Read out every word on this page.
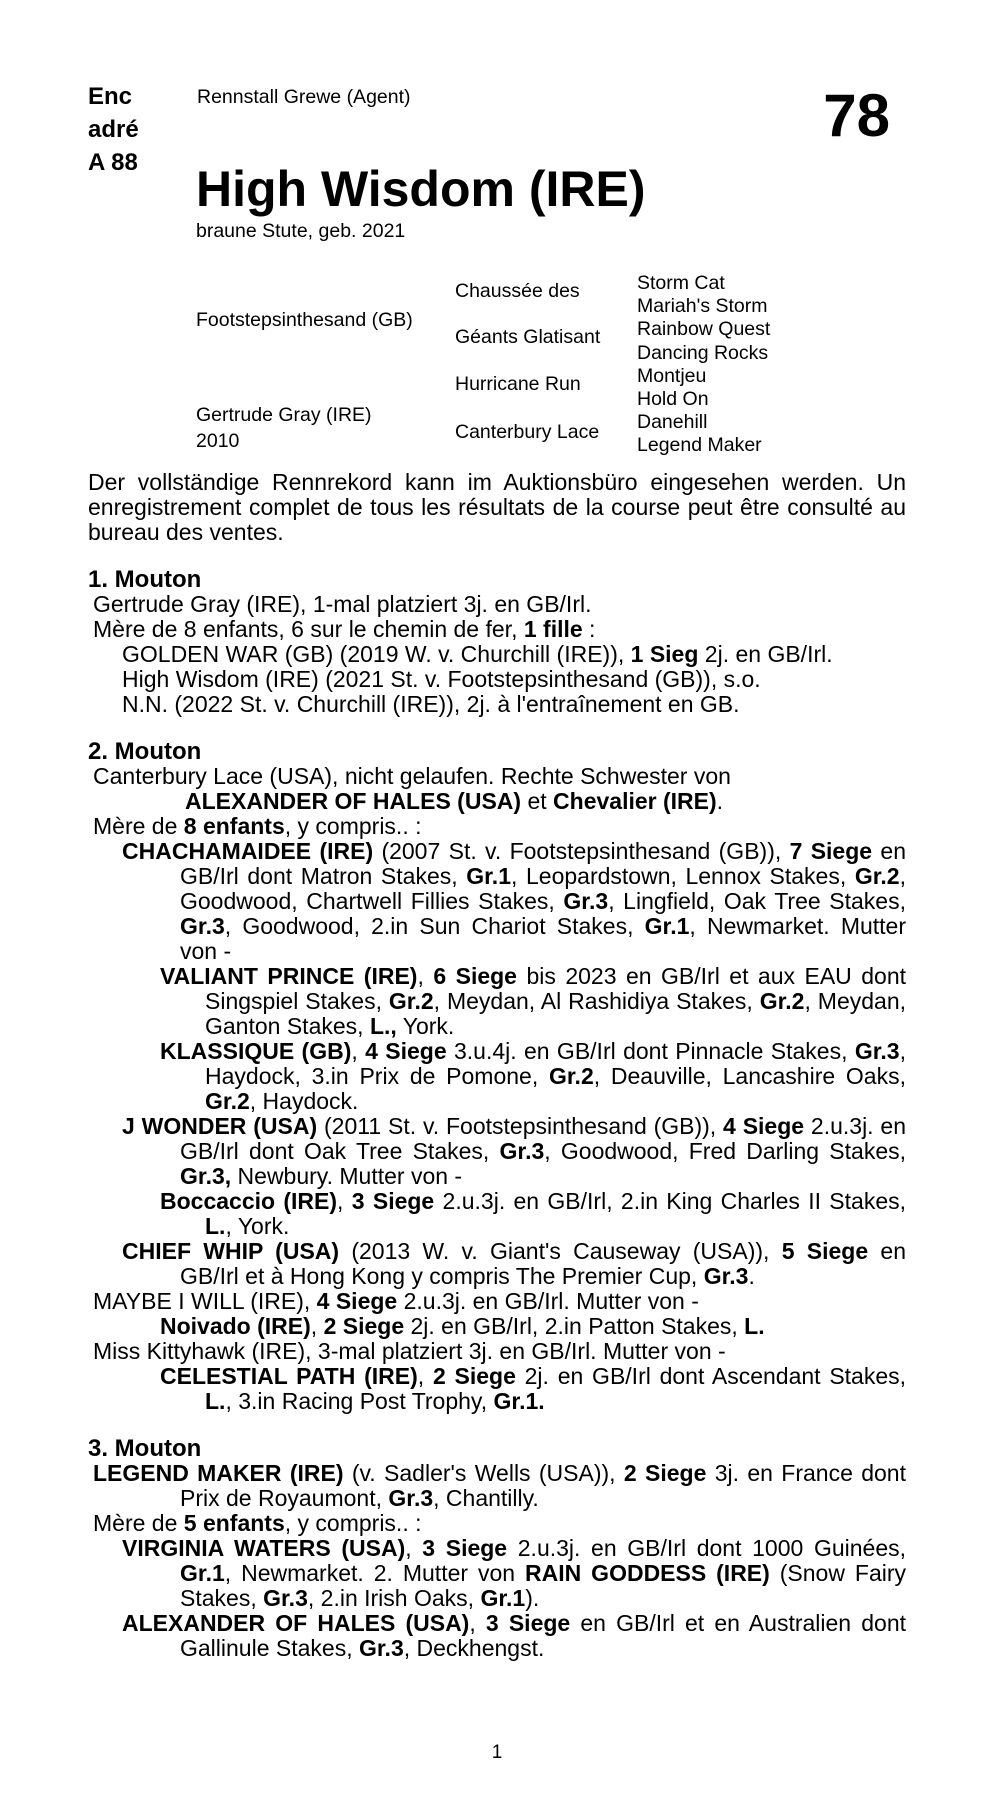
Enc
adré
A 88
Rennstall Grewe (Agent)	78
High Wisdom (IRE)
braune Stute, geb. 2021
Footstepsinthesand (GB)
Gertrude Gray (IRE)
2010
Chaussée des
Géants Glatisant
Hurricane Run
Canterbury Lace
Storm Cat
Mariah's Storm
Rainbow Quest
Dancing Rocks
Montjeu
Hold On
Danehill
Legend Maker

Der vollständige Rennrekord kann im Auktionsbüro eingesehen werden. Un enregistrement complet de tous les résultats de la course peut être consulté au bureau des ventes.

1. Mouton

Gertrude Gray (IRE), 1-mal platziert 3j. en GB/Irl.

Mère de 8 enfants, 6 sur le chemin de fer, 1 fille :

GOLDEN WAR (GB) (2019 W. v. Churchill (IRE)), 1 Sieg 2j. en GB/Irl.

High Wisdom (IRE) (2021 St. v. Footstepsinthesand (GB)), s.o.

N.N. (2022 St. v. Churchill (IRE)), 2j. à l'entraînement en GB.

2. Mouton

Canterbury Lace (USA), nicht gelaufen. Rechte Schwester von

ALEXANDER OF HALES (USA) et Chevalier (IRE).

Mère de 8 enfants, y compris.. :

CHACHAMAIDEE (IRE) (2007 St. v. Footstepsinthesand (GB)), 7 Siege en GB/Irl dont Matron Stakes, Gr.1, Leopardstown, Lennox Stakes, Gr.2, Goodwood, Chartwell Fillies Stakes, Gr.3, Lingfield, Oak Tree Stakes, Gr.3, Goodwood, 2.in Sun Chariot Stakes, Gr.1, Newmarket. Mutter von -

VALIANT PRINCE (IRE), 6 Siege bis 2023 en GB/Irl et aux EAU dont Singspiel Stakes, Gr.2, Meydan, Al Rashidiya Stakes, Gr.2, Meydan, Ganton Stakes, L., York.

KLASSIQUE (GB), 4 Siege 3.u.4j. en GB/Irl dont Pinnacle Stakes, Gr.3, Haydock, 3.in Prix de Pomone, Gr.2, Deauville, Lancashire Oaks, Gr.2, Haydock.

J WONDER (USA) (2011 St. v. Footstepsinthesand (GB)), 4 Siege 2.u.3j. en GB/Irl dont Oak Tree Stakes, Gr.3, Goodwood, Fred Darling Stakes, Gr.3, Newbury. Mutter von -

Boccaccio (IRE), 3 Siege 2.u.3j. en GB/Irl, 2.in King Charles II Stakes, L., York.

CHIEF WHIP (USA) (2013 W. v. Giant's Causeway (USA)), 5 Siege en GB/Irl et à Hong Kong y compris The Premier Cup, Gr.3.

MAYBE I WILL (IRE), 4 Siege 2.u.3j. en GB/Irl. Mutter von -

Noivado (IRE), 2 Siege 2j. en GB/Irl, 2.in Patton Stakes, L.

Miss Kittyhawk (IRE), 3-mal platziert 3j. en GB/Irl. Mutter von -

CELESTIAL PATH (IRE), 2 Siege 2j. en GB/Irl dont Ascendant Stakes, L., 3.in Racing Post Trophy, Gr.1.

3. Mouton

LEGEND MAKER (IRE) (v. Sadler's Wells (USA)), 2 Siege 3j. en France dont Prix de Royaumont, Gr.3, Chantilly.

Mère de 5 enfants, y compris.. :

VIRGINIA WATERS (USA), 3 Siege 2.u.3j. en GB/Irl dont 1000 Guinées, Gr.1, Newmarket. 2. Mutter von RAIN GODDESS (IRE) (Snow Fairy Stakes, Gr.3, 2.in Irish Oaks, Gr.1).

ALEXANDER OF HALES (USA), 3 Siege en GB/Irl et en Australien dont Gallinule Stakes, Gr.3, Deckhengst.

1
